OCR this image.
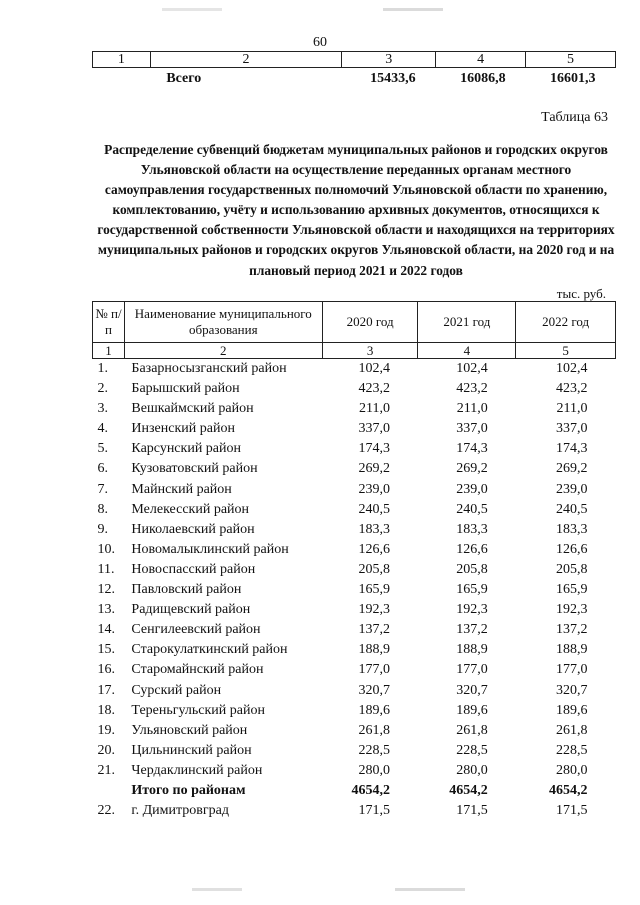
60
1	2	3	4	5
	Всего	15433,6	16086,8	16601,3
Таблица 63
Распределение субвенций бюджетам муниципальных районов и городских округов Ульяновской области на осуществление переданных органам местного самоуправления государственных полномочий Ульяновской области по хранению, комплектованию, учёту и использованию архивных документов, относящихся к государственной собственности Ульяновской области и находящихся на территориях муниципальных районов и городских округов Ульяновской области, на 2020 год и на плановый период 2021 и 2022 годов
тыс. руб.
№ п/п	Наименование муниципального образования	2020 год	2021 год	2022 год
1	2	3	4	5
1.	Базарносызганский район	102,4	102,4	102,4
2.	Барышский район	423,2	423,2	423,2
3.	Вешкаймский район	211,0	211,0	211,0
4.	Инзенский район	337,0	337,0	337,0
5.	Карсунский район	174,3	174,3	174,3
6.	Кузоватовский район	269,2	269,2	269,2
7.	Майнский район	239,0	239,0	239,0
8.	Мелекесский район	240,5	240,5	240,5
9.	Николаевский район	183,3	183,3	183,3
10.	Новомалыклинский район	126,6	126,6	126,6
11.	Новоспасский район	205,8	205,8	205,8
12.	Павловский район	165,9	165,9	165,9
13.	Радищевский район	192,3	192,3	192,3
14.	Сенгилеевский район	137,2	137,2	137,2
15.	Старокулаткинский район	188,9	188,9	188,9
16.	Старомайнский район	177,0	177,0	177,0
17.	Сурский район	320,7	320,7	320,7
18.	Тереньгульский район	189,6	189,6	189,6
19.	Ульяновский район	261,8	261,8	261,8
20.	Цильнинский район	228,5	228,5	228,5
21.	Чердаклинский район	280,0	280,0	280,0
	Итого по районам	4654,2	4654,2	4654,2
22.	г. Димитровград	171,5	171,5	171,5
